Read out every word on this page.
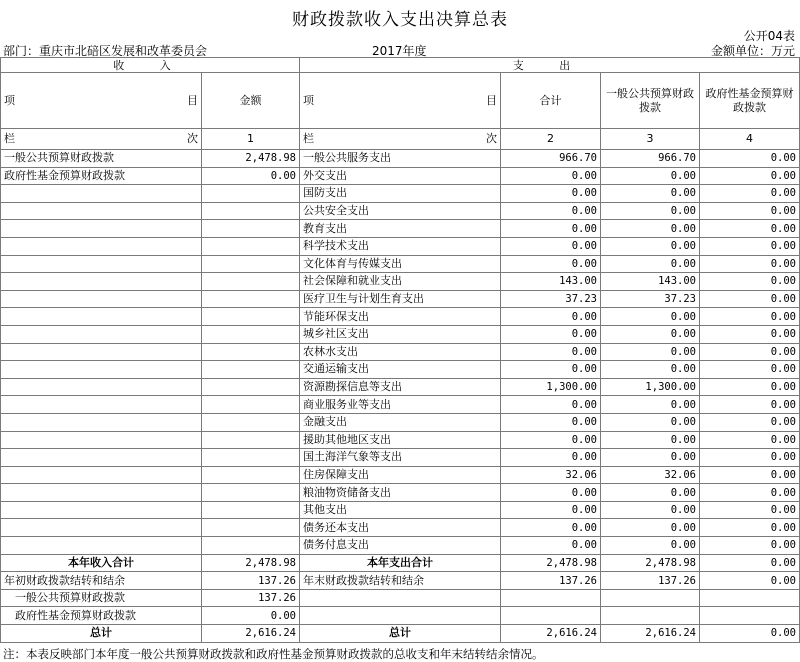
财政拨款收入支出决算总表
公开04表
部门：重庆市北碚区发展和改革委员会	2017年度	金额单位：万元
收 入		支 出			

项 目	金额	项 目	合计	一般公共预算财政拨款	政府性基金预算财政拨款

栏 次	1	栏 次	2	3	4
一般公共预算财政拨款	2,478.98	一般公共服务支出	966.70	966.70	0.00
政府性基金预算财政拨款	0.00	外交支出	0.00	0.00	0.00
		国防支出	0.00	0.00	0.00
		公共安全支出	0.00	0.00	0.00
		教育支出	0.00	0.00	0.00
		科学技术支出	0.00	0.00	0.00
		文化体育与传媒支出	0.00	0.00	0.00
		社会保障和就业支出	143.00	143.00	0.00
		医疗卫生与计划生育支出	37.23	37.23	0.00
		节能环保支出	0.00	0.00	0.00
		城乡社区支出	0.00	0.00	0.00
		农林水支出	0.00	0.00	0.00
		交通运输支出	0.00	0.00	0.00
		资源勘探信息等支出	1,300.00	1,300.00	0.00
		商业服务业等支出	0.00	0.00	0.00
		金融支出	0.00	0.00	0.00
		援助其他地区支出	0.00	0.00	0.00
		国土海洋气象等支出	0.00	0.00	0.00
		住房保障支出	32.06	32.06	0.00
		粮油物资储备支出	0.00	0.00	0.00
		其他支出	0.00	0.00	0.00
		债务还本支出	0.00	0.00	0.00
		债务付息支出	0.00	0.00	0.00
本年收入合计	2,478.98	本年支出合计	2,478.98	2,478.98	0.00
年初财政拨款结转和结余	137.26	年末财政拨款结转和结余	137.26	137.26	0.00
一般公共预算财政拨款	137.26				
政府性基金预算财政拨款	0.00				
总计	2,616.24	总计	2,616.24	2,616.24	0.00
注：本表反映部门本年度一般公共预算财政拨款和政府性基金预算财政拨款的总收支和年末结转结余情况。
